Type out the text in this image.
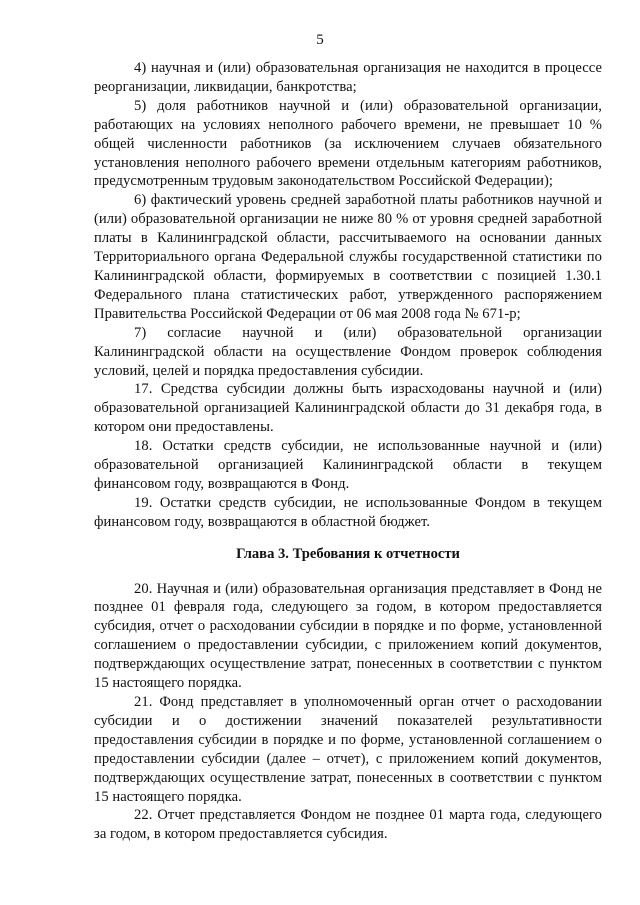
5

4) научная и (или) образовательная организация не находится в процессе реорганизации, ликвидации, банкротства;

5) доля работников научной и (или) образовательной организации, работающих на условиях неполного рабочего времени, не превышает 10 % общей численности работников (за исключением случаев обязательного установления неполного рабочего времени отдельным категориям работников, предусмотренным трудовым законодательством Российской Федерации);

6) фактический уровень средней заработной платы работников научной и (или) образовательной организации не ниже 80 % от уровня средней заработной платы в Калининградской области, рассчитываемого на основании данных Территориального органа Федеральной службы государственной статистики по Калининградской области, формируемых в соответствии с позицией 1.30.1 Федерального плана статистических работ, утвержденного распоряжением Правительства Российской Федерации от 06 мая 2008 года № 671-р;

7) согласие научной и (или) образовательной организации Калининградской области на осуществление Фондом проверок соблюдения условий, целей и порядка предоставления субсидии.

17. Средства субсидии должны быть израсходованы научной и (или) образовательной организацией Калининградской области до 31 декабря года, в котором они предоставлены.

18. Остатки средств субсидии, не использованные научной и (или) образовательной организацией Калининградской области в текущем финансовом году, возвращаются в Фонд.

19. Остатки средств субсидии, не использованные Фондом в текущем финансовом году, возвращаются в областной бюджет.

Глава 3. Требования к отчетности

20. Научная и (или) образовательная организация представляет в Фонд не позднее 01 февраля года, следующего за годом, в котором предоставляется субсидия, отчет о расходовании субсидии в порядке и по форме, установленной соглашением о предоставлении субсидии, с приложением копий документов, подтверждающих осуществление затрат, понесенных в соответствии с пунктом 15 настоящего порядка.

21. Фонд представляет в уполномоченный орган отчет о расходовании субсидии и о достижении значений показателей результативности предоставления субсидии в порядке и по форме, установленной соглашением о предоставлении субсидии (далее – отчет), с приложением копий документов, подтверждающих осуществление затрат, понесенных в соответствии с пунктом 15 настоящего порядка.

22. Отчет представляется Фондом не позднее 01 марта года, следующего за годом, в котором предоставляется субсидия.
